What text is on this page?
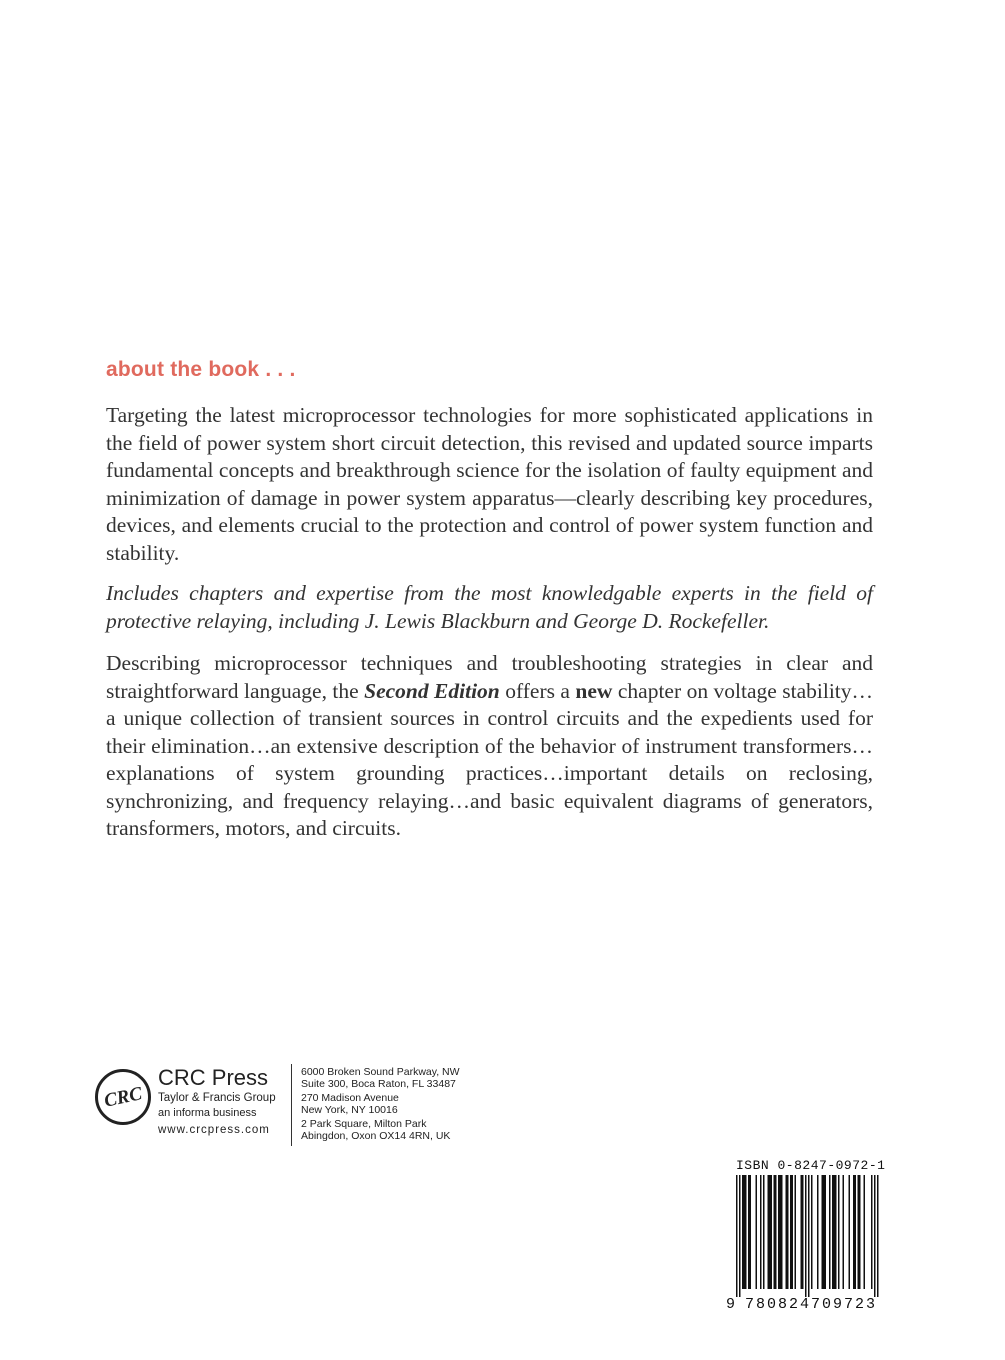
about the book . . .

Targeting the latest microprocessor technologies for more sophisticated applications in the field of power system short circuit detection, this revised and updated source imparts fundamental concepts and breakthrough science for the isolation of faulty equipment and minimization of damage in power system apparatus—clearly describing key procedures, devices, and elements crucial to the protection and control of power system function and stability.

Includes chapters and expertise from the most knowledgable experts in the field of protective relaying, including J. Lewis Blackburn and George D. Rockefeller.

Describing microprocessor techniques and troubleshooting strategies in clear and straightforward language, the Second Edition offers a new chapter on voltage stability…a unique collection of transient sources in control circuits and the expedients used for their elimination…an extensive description of the behavior of instrument transformers…explanations of system grounding practices…important details on reclosing, synchronizing, and frequency relaying…and basic equivalent diagrams of generators, transformers, motors, and circuits.

CRC
CRC Press
Taylor & Francis Group
an informa business
www.crcpress.com
6000 Broken Sound Parkway, NW
Suite 300, Boca Raton, FL 33487
270 Madison Avenue
New York, NY 10016
2 Park Square, Milton Park
Abingdon, Oxon OX14 4RN, UK
ISBN 0-8247-0972-1
9 780824 709723
